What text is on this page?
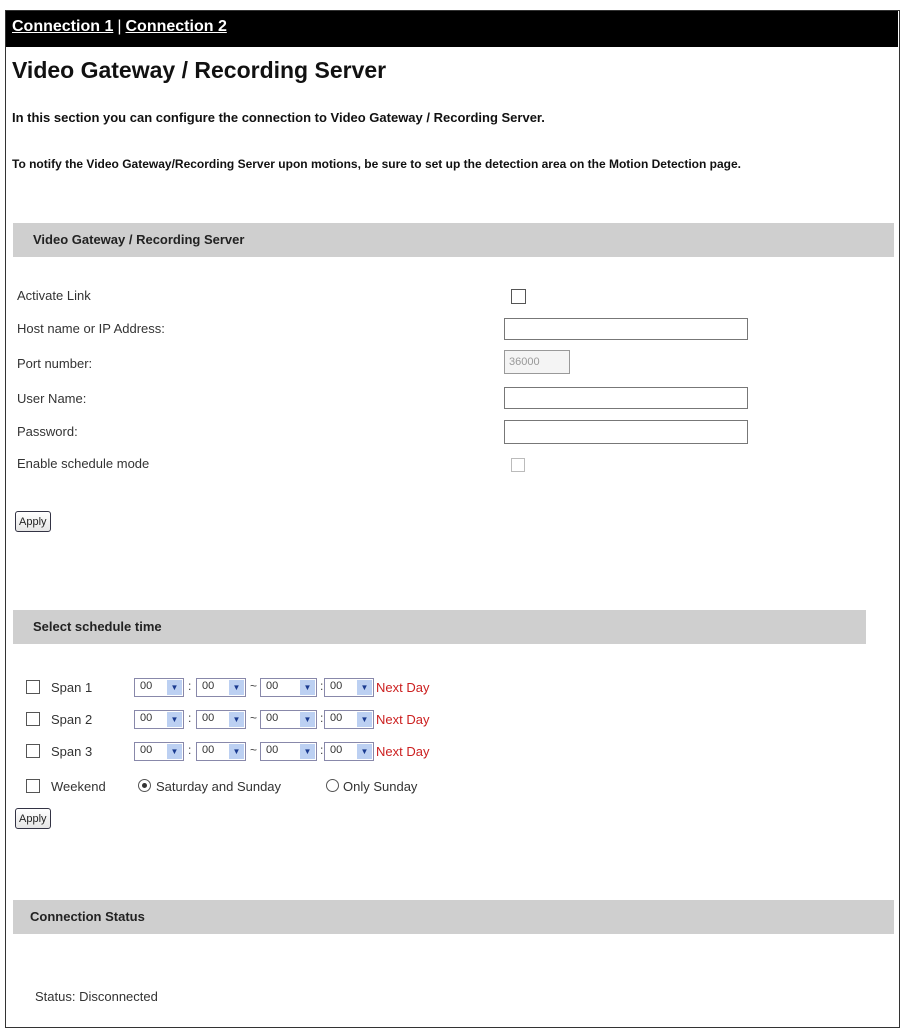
Connection 1 | Connection 2
Video Gateway / Recording Server
In this section you can configure the connection to Video Gateway / Recording Server.
To notify the Video Gateway/Recording Server upon motions, be sure to set up the detection area on the Motion Detection page.
Video Gateway / Recording Server
Activate Link
Host name or IP Address:
Port number:
36000
User Name:
Password:
Enable schedule mode
Apply
Select schedule time
Span 1	00	▼ : 00	▼ ~ 00	▼ : 00	▼ Next Day
Span 2	00	▼ : 00	▼ ~ 00	▼ : 00	▼ Next Day
Span 3	00	▼ : 00	▼ ~ 00	▼ : 00	▼ Next Day
Weekend	Saturday and Sunday	Only Sunday
Apply
Connection Status
Status: Disconnected
